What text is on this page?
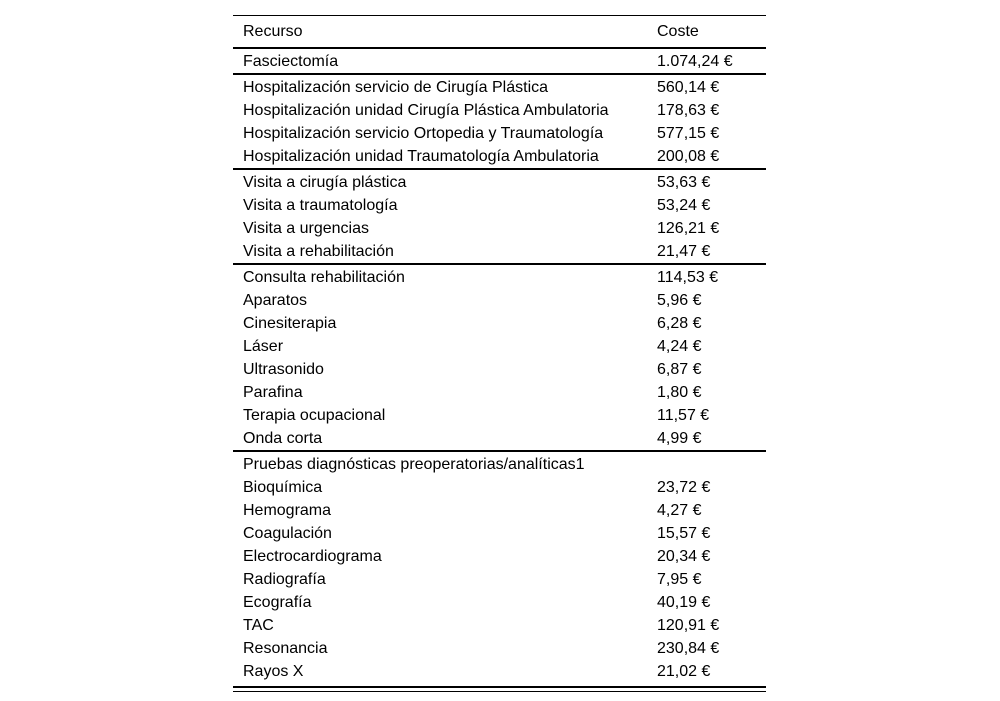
Recurso	Coste
Fasciectomía	1.074,24 €
Hospitalización servicio de Cirugía Plástica	560,14 €
Hospitalización unidad Cirugía Plástica Ambulatoria	178,63 €
Hospitalización servicio Ortopedia y Traumatología	577,15 €
Hospitalización unidad Traumatología Ambulatoria	200,08 €
Visita a cirugía plástica	53,63 €
Visita a traumatología	53,24 €
Visita a urgencias	126,21 €
Visita a rehabilitación	21,47 €
Consulta rehabilitación	114,53 €
Aparatos	5,96 €
Cinesiterapia	6,28 €
Láser	4,24 €
Ultrasonido	6,87 €
Parafina	1,80 €
Terapia ocupacional	11,57 €
Onda corta	4,99 €
Pruebas diagnósticas preoperatorias/analíticas1
Bioquímica	23,72 €
Hemograma	4,27 €
Coagulación	15,57 €
Electrocardiograma	20,34 €
Radiografía	7,95 €
Ecografía	40,19 €
TAC	120,91 €
Resonancia	230,84 €
Rayos X	21,02 €
